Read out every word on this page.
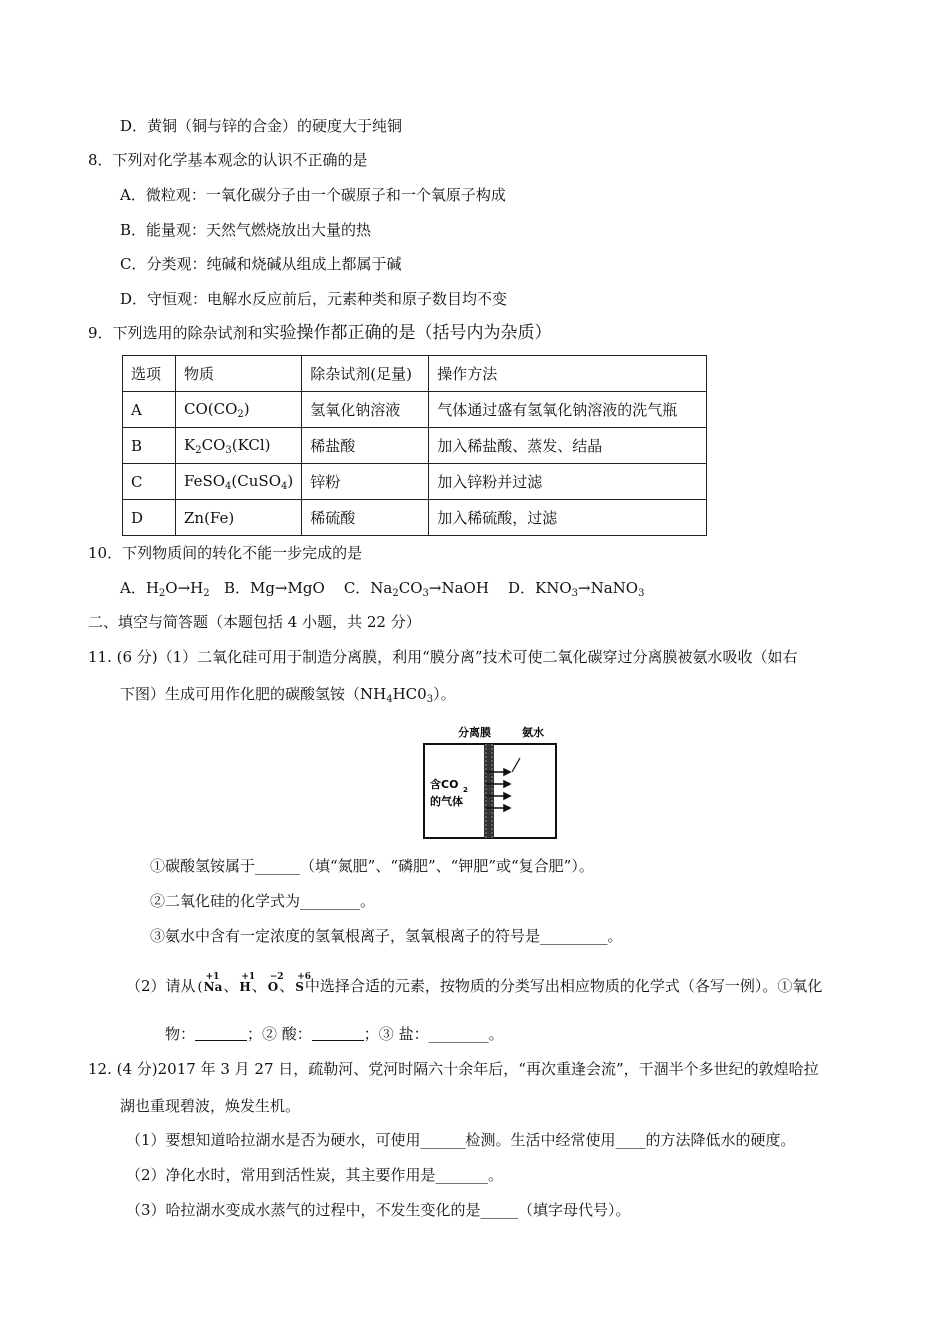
D．黄铜（铜与锌的合金）的硬度大于纯铜
8．下列对化学基本观念的认识不正确的是
A．微粒观：一氧化碳分子由一个碳原子和一个氧原子构成
B．能量观：天然气燃烧放出大量的热
C．分类观：纯碱和烧碱从组成上都属于碱
D．守恒观：电解水反应前后，元素种类和原子数目均不变
9．下列选用的除杂试剂和实验操作都正确的是（括号内为杂质）
选项	物质	除杂试剂(足量)	操作方法
A	$CO(CO_2)$	氢氧化钠溶液	气体通过盛有氢氧化钠溶液的洗气瓶
B	$K_2CO_3(KCl)$	稀盐酸	加入稀盐酸、蒸发、结晶
C	FeSO$_4$(CuSO$_4$)	锌粉	加入锌粉并过滤
D	Zn(Fe)	稀硫酸	加入稀硫酸，过滤
10．下列物质间的转化不能一步完成的是
A．$H_2O\to H_2$ B．Mg→MgO C．$Na_2CO_3\to NaOH$ D．$KNO_3\to NaNO_3$
二、填空与简答题（本题包括 4 小题，共 22 分）
11. (6 分)（1）二氧化硅可用于制造分离膜，利用“膜分离”技术可使二氧化碳穿过分离膜被氨水吸收（如右
下图）生成可用作化肥的碳酸氢铵$(NH_4HC0_3)$。
分离膜	氨水
含CO 2
的气体
①碳酸氢铵属于______（填“氮肥”、“磷肥”、“钾肥”或“复合肥”）。
②二氧化硅的化学式为________。
③氨水中含有一定浓度的氢氧根离子，氢氧根离子的符号是_________。
（2）请从 (
+1
Na、 +1
H、 −2
O、 +6
S中选择合适的元素，按物质的分类写出相应物质的化学式（各写一例）。①氧化
物：	；② 酸：	；③ 盐：________。
12. (4 分)2017 年 3 月 27 日，疏勒河、党河时隔六十余年后，“再次重逢会流”，干涸半个多世纪的敦煌哈拉
湖也重现碧波，焕发生机。
（1）要想知道哈拉湖水是否为硬水，可使用______检测。生活中经常使用____的方法降低水的硬度。
（2）净化水时，常用到活性炭，其主要作用是_______。
（3）哈拉湖水变成水蒸气的过程中，不发生变化的是_____（填字母代号）。
